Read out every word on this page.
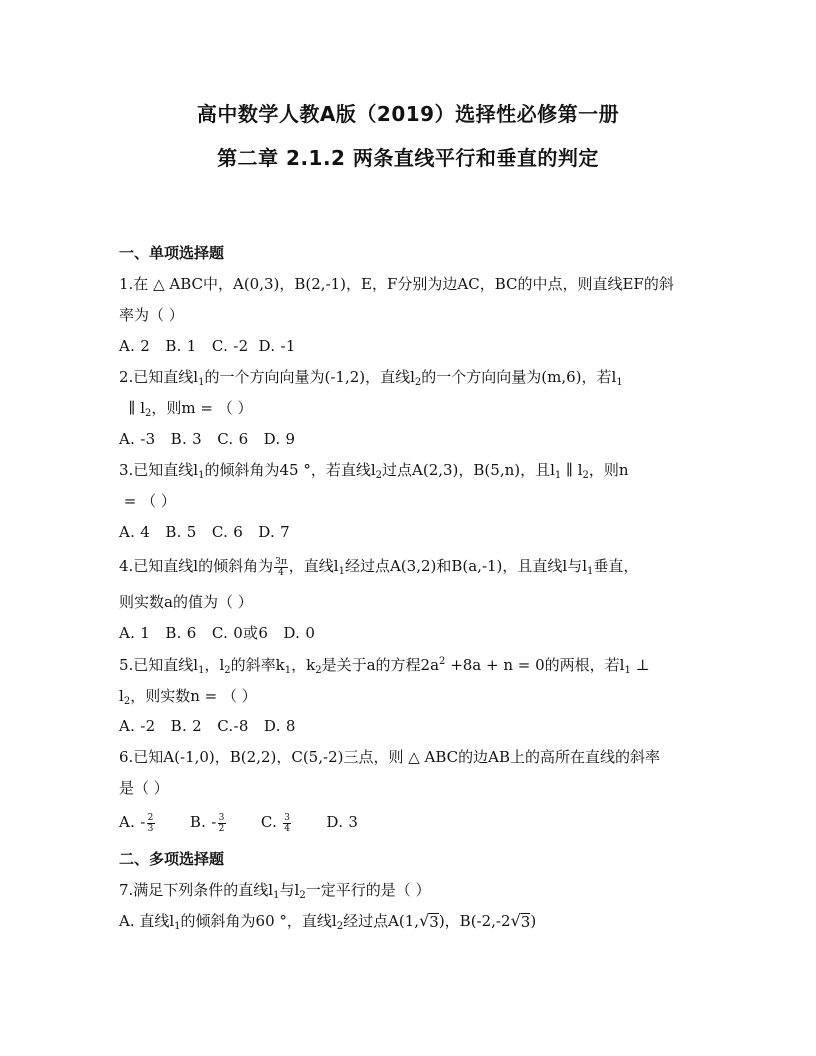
高中数学人教A版（2019）选择性必修第一册
第二章 2.1.2 两条直线平行和垂直的判定
一、单项选择题
1.在 △ ABC中，A(0,3)，B(2,-1)，E，F分别为边AC，BC的中点，则直线EF的斜
率为（ ）
A. 2   B. 1   C. -2  D. -1
2.已知直线$l_1$的一个方向向量为(-1,2)，直线$l_2$的一个方向向量为(m,6)，若$l_1$
∥ $l_2$，则m = （ ）
A. -3   B. 3   C. 6   D. 9
3.已知直线$l_1$的倾斜角为45 °，若直线$l_2$过点A(2,3)，B(5,n)，且$l_1$ ∥ $l_2$，则n
= （ ）
A. 4   B. 5   C. 6   D. 7
4.已知直线l的倾斜角为 $\frac{3\pi}{4}$ ，直线$l_1$经过点A(3,2)和B(a,-1)，且直线l与$l_1$垂直，
则实数a的值为（ ）
A. 1   B. 6   C. 0或6   D. 0
5.已知直线$l_1$，$l_2$的斜率$k_1$，$k_2$是关于a的方程$2a^2 +8a + n = 0$的两根，若$l_1$ ⊥
$l_2$，则实数n = （ ）
A. -2   B. 2   C.-8   D. 8
6.已知A(-1,0)，B(2,2)，C(5,-2)三点，则 △ ABC的边AB上的高所在直线的斜率
是（ ）
A. - $\frac{2}{3} B$. - $\frac{3}{2} C$. $\frac{3}{4} D$. 3
二、多项选择题
7.满足下列条件的直线$l_1$与$l_2$一定平行的是（ ）
A. 直线$l_1$的倾斜角为60 °，直线$l_2$经过点A(1, √ 3 )，B(-2,-2 √ 3 )
